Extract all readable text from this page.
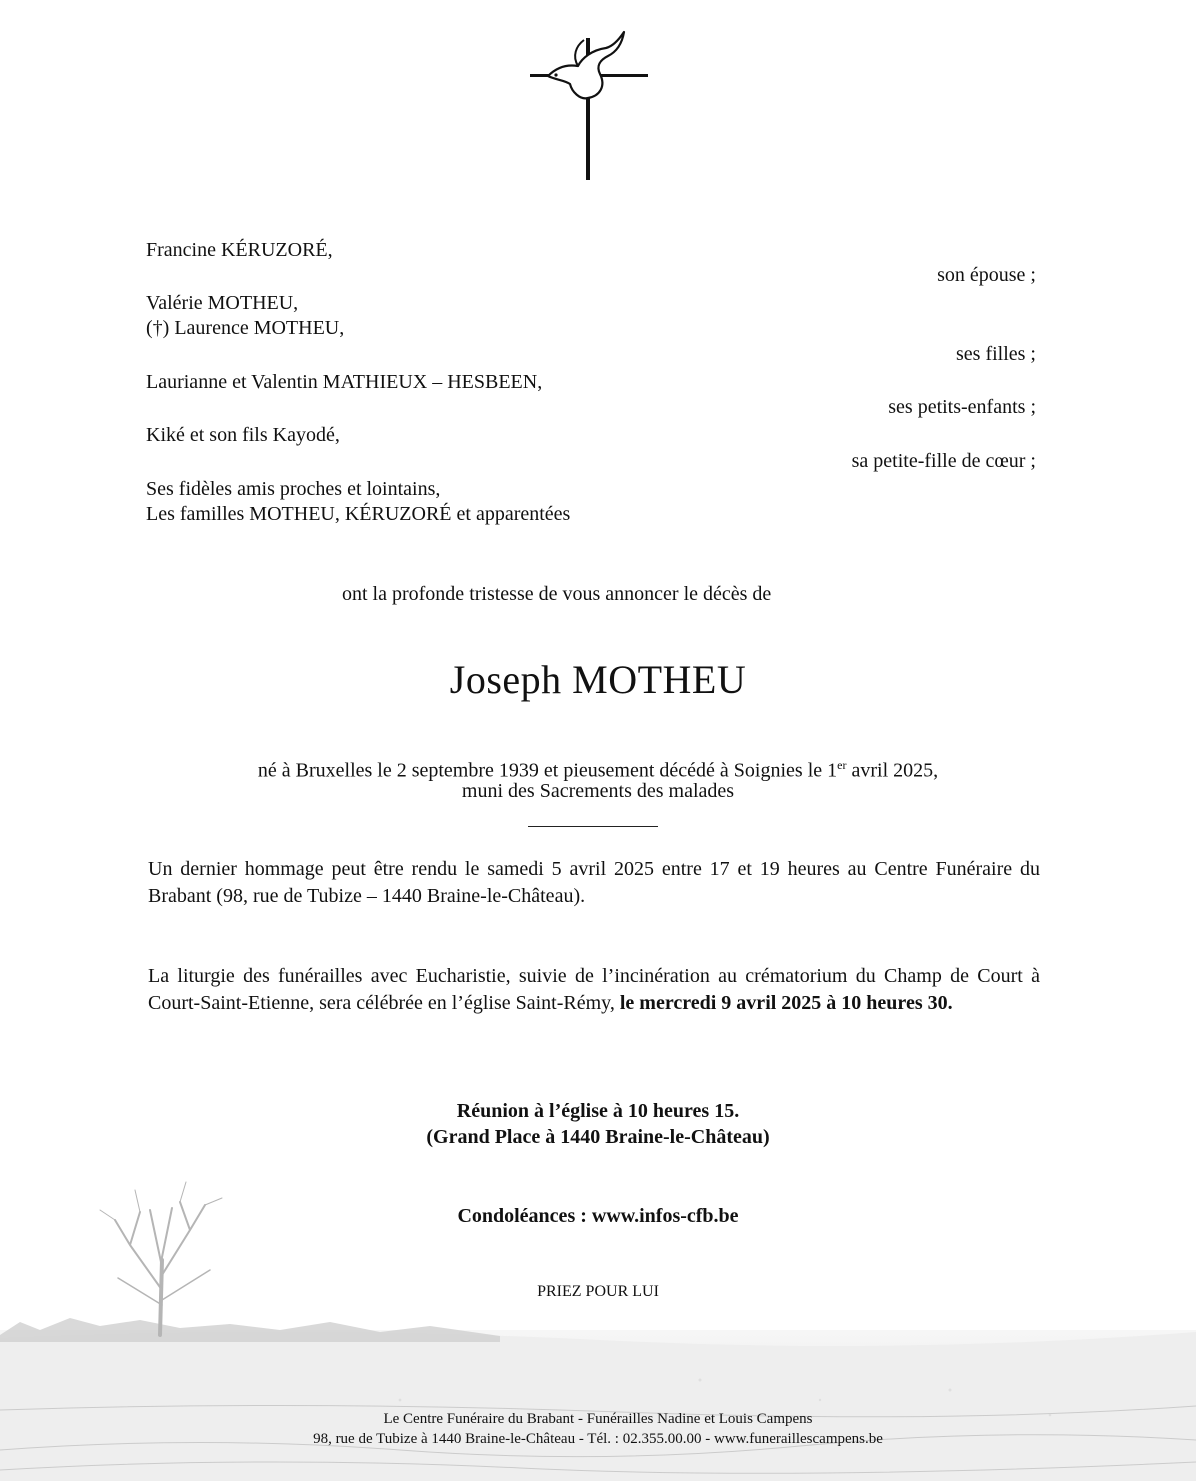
Francine KÉRUZORÉ,
son épouse ;
Valérie MOTHEU,
(†) Laurence MOTHEU,
ses filles ;
Laurianne et Valentin MATHIEUX – HESBEEN,
ses petits-enfants ;
Kiké et son fils Kayodé,
sa petite-fille de cœur ;
Ses fidèles amis proches et lointains,
Les familles MOTHEU, KÉRUZORÉ et apparentées
ont la profonde tristesse de vous annoncer le décès de
Joseph MOTHEU
né à Bruxelles le 2 septembre 1939 et pieusement décédé à Soignies le 1er avril 2025,
muni des Sacrements des malades
Un dernier hommage peut être rendu le samedi 5 avril 2025 entre 17 et 19 heures au Centre Funéraire du Brabant (98, rue de Tubize – 1440 Braine-le-Château).
La liturgie des funérailles avec Eucharistie, suivie de l’incinération au crématorium du Champ de Court à Court-Saint-Etienne, sera célébrée en l’église Saint-Rémy, le mercredi 9 avril 2025 à 10 heures 30.
Réunion à l’église à 10 heures 15.
(Grand Place à 1440 Braine-le-Château)
Condoléances : www.infos-cfb.be
PRIEZ POUR LUI
Le Centre Funéraire du Brabant - Funérailles Nadine et Louis Campens
98, rue de Tubize à 1440 Braine-le-Château - Tél. : 02.355.00.00 - www.funeraillescampens.be
